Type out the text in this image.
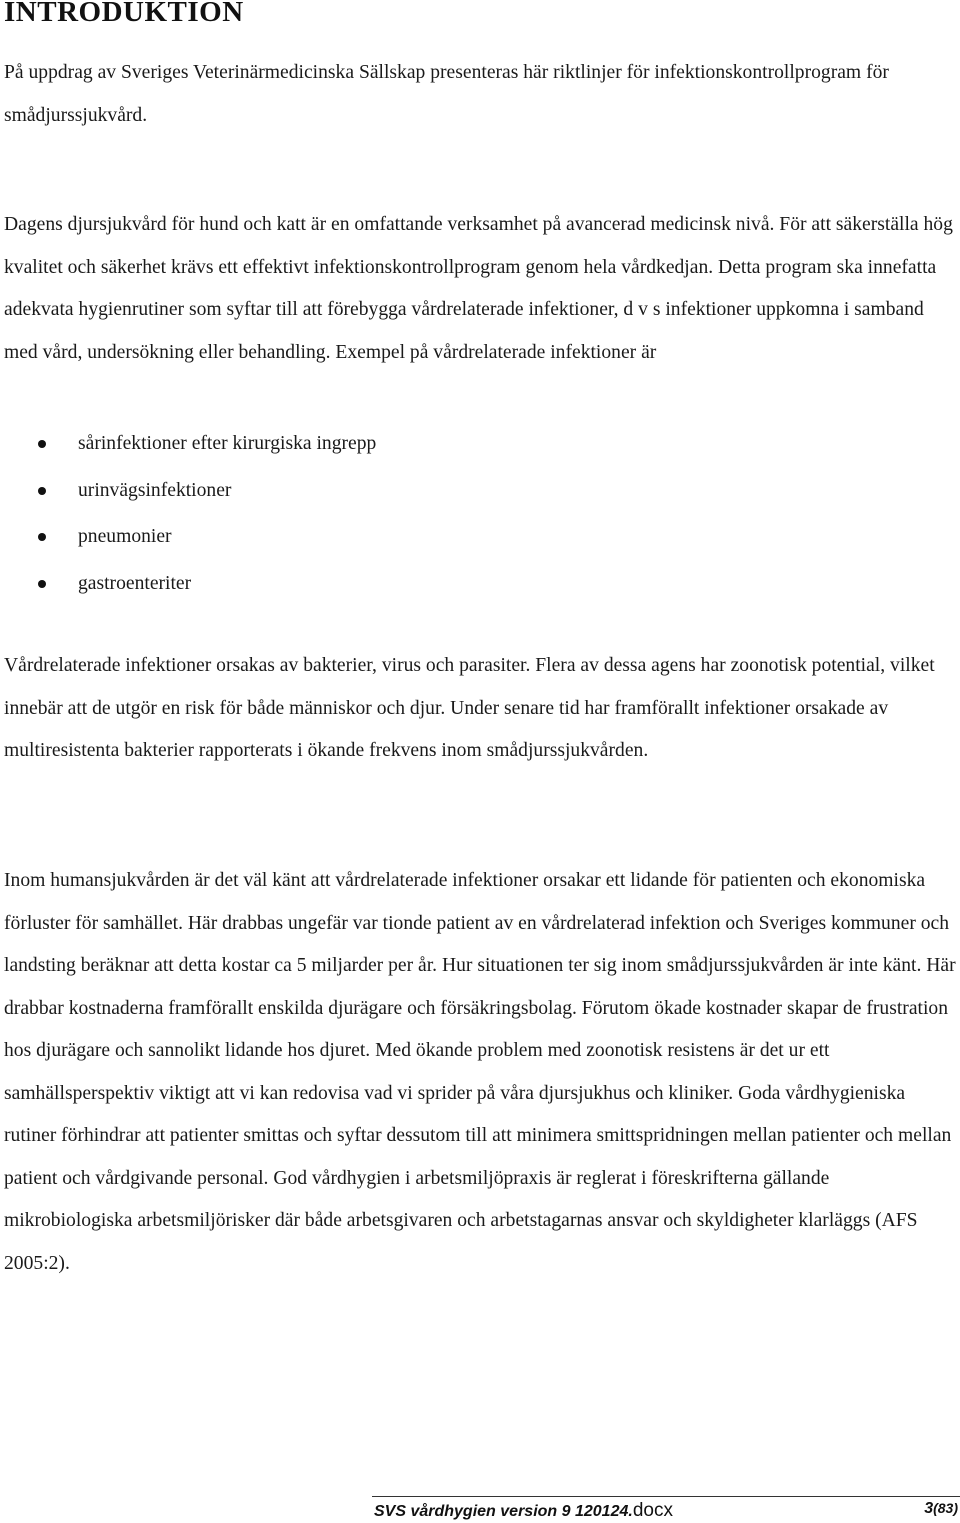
INTRODUKTION

På uppdrag av Sveriges Veterinärmedicinska Sällskap presenteras här riktlinjer för infektionskontrollprogram för smådjurssjukvård.

Dagens djursjukvård för hund och katt är en omfattande verksamhet på avancerad medicinsk nivå. För att säkerställa hög kvalitet och säkerhet krävs ett effektivt infektionskontrollprogram genom hela vårdkedjan. Detta program ska innefatta adekvata hygienrutiner som syftar till att förebygga vårdrelaterade infektioner, d v s infektioner uppkomna i samband med vård, undersökning eller behandling. Exempel på vårdrelaterade infektioner är

sårinfektioner efter kirurgiska ingrepp
urinvägsinfektioner
pneumonier
gastroenteriter

Vårdrelaterade infektioner orsakas av bakterier, virus och parasiter. Flera av dessa agens har zoonotisk potential, vilket innebär att de utgör en risk för både människor och djur. Under senare tid har framförallt infektioner orsakade av multiresistenta bakterier rapporterats i ökande frekvens inom smådjurssjukvården.

Inom humansjukvården är det väl känt att vårdrelaterade infektioner orsakar ett lidande för patienten och ekonomiska förluster för samhället. Här drabbas ungefär var tionde patient av en vårdrelaterad infektion och Sveriges kommuner och landsting beräknar att detta kostar ca 5 miljarder per år. Hur situationen ter sig inom smådjurssjukvården är inte känt. Här drabbar kostnaderna framförallt enskilda djurägare och försäkringsbolag. Förutom ökade kostnader skapar de frustration hos djurägare och sannolikt lidande hos djuret. Med ökande problem med zoonotisk resistens är det ur ett samhällsperspektiv viktigt att vi kan redovisa vad vi sprider på våra djursjukhus och kliniker. Goda vårdhygieniska rutiner förhindrar att patienter smittas och syftar dessutom till att minimera smittspridningen mellan patienter och mellan patient och vårdgivande personal. God vårdhygien i arbetsmiljöpraxis är reglerat i föreskrifterna gällande mikrobiologiska arbetsmiljörisker där både arbetsgivaren och arbetstagarnas ansvar och skyldigheter klarläggs (AFS 2005:2).

SVS vårdhygien version 9 120124.docx	3(83)
